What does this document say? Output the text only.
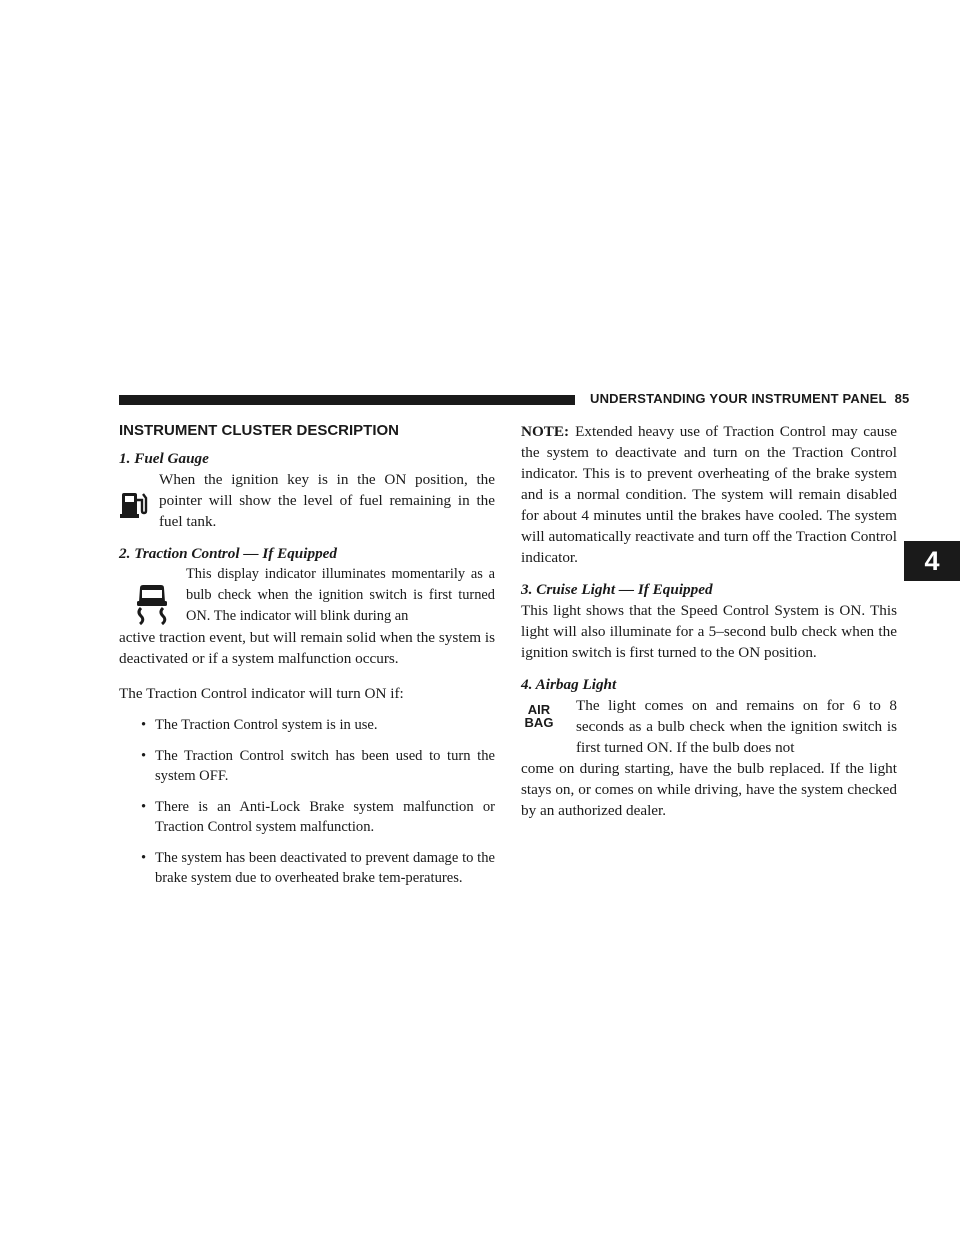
UNDERSTANDING YOUR INSTRUMENT PANEL 85
4
INSTRUMENT CLUSTER DESCRIPTION
1. Fuel Gauge

When the ignition key is in the ON position, the pointer will show the level of fuel remaining in the fuel tank.

2. Traction Control — If Equipped

This display indicator illuminates momentarily as a bulb check when the ignition switch is first turned ON. The indicator will blink during an

active traction event, but will remain solid when the system is deactivated or if a system malfunction occurs.

The Traction Control indicator will turn ON if:

• The Traction Control system is in use.
• The Traction Control switch has been used to turn the system OFF.
• There is an Anti-Lock Brake system malfunction or Traction Control system malfunction.
• The system has been deactivated to prevent damage to the brake system due to overheated brake tem-peratures.

NOTE: Extended heavy use of Traction Control may cause the system to deactivate and turn on the Traction Control indicator. This is to prevent overheating of the brake system and is a normal condition. The system will remain disabled for about 4 minutes until the brakes have cooled. The system will automatically reactivate and turn off the Traction Control indicator.

3. Cruise Light — If Equipped

This light shows that the Speed Control System is ON. This light will also illuminate for a 5–second bulb check when the ignition switch is first turned to the ON position.

4. Airbag Light
AIR
BAG

The light comes on and remains on for 6 to 8 seconds as a bulb check when the ignition switch is first turned ON. If the bulb does not

come on during starting, have the bulb replaced. If the light stays on, or comes on while driving, have the system checked by an authorized dealer.
